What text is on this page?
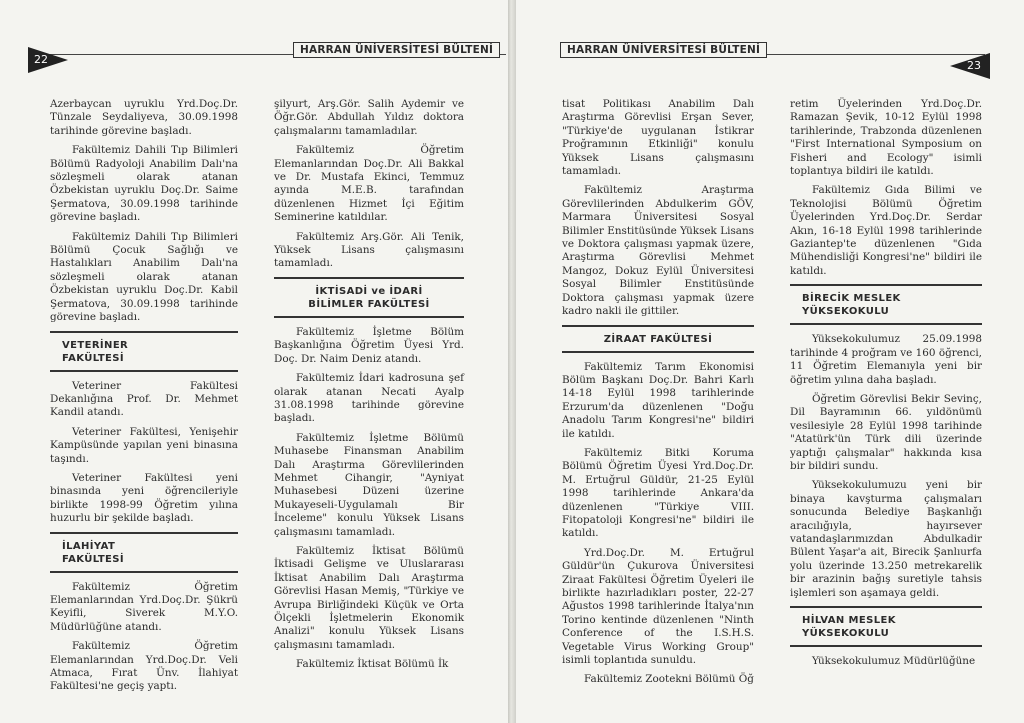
HARRAN ÜNİVERSİTESİ BÜLTENİ
22

Azerbaycan uyruklu Yrd.Doç.Dr. Tünzale Seydaliyeva, 30.09.1998 tarihinde görevine başladı.

Fakültemiz Dahili Tıp Bilimleri Bölümü Radyoloji Anabilim Dalı'na sözleşmeli olarak atanan Özbekistan uyruklu Doç.Dr. Saime Şermatova, 30.09.1998 tarihinde görevine başladı.

Fakültemiz Dahili Tıp Bilimleri Bölümü Çocuk Sağlığı ve Hastalıkları Anabilim Dalı'na sözleşmeli olarak atanan Özbekistan uyruklu Doç.Dr. Kabil Şermatova, 30.09.1998 tarihinde görevine başladı.

VETERİNER
FAKÜLTESİ

Veteriner Fakültesi Dekanlığına Prof. Dr. Mehmet Kandil atandı.

Veteriner Fakültesi, Yenişehir Kampüsünde yapılan yeni binasına taşındı.

Veteriner Fakültesi yeni binasında yeni öğrencileriyle birlikte 1998-99 Öğretim yılına huzurlu bir şekilde başladı.

İLAHİYAT
FAKÜLTESİ

Fakültemiz Öğretim Elemanlarından Yrd.Doç.Dr. Şükrü Keyifli, Siverek M.Y.O. Müdürlüğüne atandı.

Fakültemiz Öğretim Elemanlarından Yrd.Doç.Dr. Veli Atmaca, Fırat Ünv. İlahiyat Fakültesi'ne geçiş yaptı.

şilyurt, Arş.Gör. Salih Aydemir ve Öğr.Gör. Abdullah Yıldız doktora çalışmalarını tamamladılar.

Fakültemiz Öğretim Elemanlarından Doç.Dr. Ali Bakkal ve Dr. Mustafa Ekinci, Temmuz ayında M.E.B. tarafından düzenlenen Hizmet İçi Eğitim Seminerine katıldılar.

Fakültemiz Arş.Gör. Ali Tenik, Yüksek Lisans çalışmasını tamamladı.

İKTİSADİ ve İDARİ
BİLİMLER FAKÜLTESİ

Fakültemiz İşletme Bölüm Başkanlığına Öğretim Üyesi Yrd. Doç. Dr. Naim Deniz atandı.

Fakültemiz İdari kadrosuna şef olarak atanan Necati Ayalp 31.08.1998 tarihinde görevine başladı.

Fakültemiz İşletme Bölümü Muhasebe Finansman Anabilim Dalı Araştırma Görevlilerinden Mehmet Cihangir, "Ayniyat Muhasebesi Düzeni üzerine Mukayeseli-Uygulamalı Bir İnceleme" konulu Yüksek Lisans çalışmasını tamamladı.

Fakültemiz İktisat Bölümü İktisadi Gelişme ve Uluslararası İktisat Anabilim Dalı Araştırma Görevlisi Hasan Memiş, "Türkiye ve Avrupa Birliğindeki Küçük ve Orta Ölçekli İşletmelerin Ekonomik Analizi" konulu Yüksek Lisans çalışmasını tamamladı.

Fakültemiz İktisat Bölümü İk

HARRAN ÜNİVERSİTESİ BÜLTENİ
23

tisat Politikası Anabilim Dalı Araştırma Görevlisi Erşan Sever, "Türkiye'de uygulanan İstikrar Proğramının Etkinliği" konulu Yüksek Lisans çalışmasını tamamladı.

Fakültemiz Araştırma Görevlilerinden Abdulkerim GÖV, Marmara Üniversitesi Sosyal Bilimler Enstitüsünde Yüksek Lisans ve Doktora çalışması yapmak üzere, Araştırma Görevlisi Mehmet Mangoz, Dokuz Eylül Üniversitesi Sosyal Bilimler Enstitüsünde Doktora çalışması yapmak üzere kadro nakli ile gittiler.

ZİRAAT FAKÜLTESİ

Fakültemiz Tarım Ekonomisi Bölüm Başkanı Doç.Dr. Bahri Karlı 14-18 Eylül 1998 tarihlerinde Erzurum'da düzenlenen "Doğu Anadolu Tarım Kongresi'ne" bildiri ile katıldı.

Fakültemiz Bitki Koruma Bölümü Öğretim Üyesi Yrd.Doç.Dr. M. Ertuğrul Güldür, 21-25 Eylül 1998 tarihlerinde Ankara'da düzenlenen "Türkiye VIII. Fitopatoloji Kongresi'ne" bildiri ile katıldı.

Yrd.Doç.Dr. M. Ertuğrul Güldür'ün Çukurova Üniversitesi Ziraat Fakültesi Öğretim Üyeleri ile birlikte hazırladıkları poster, 22-27 Ağustos 1998 tarihlerinde İtalya'nın Torino kentinde düzenlenen "Ninth Conference of the I.S.H.S. Vegetable Virus Working Group" isimli toplantıda sunuldu.

Fakültemiz Zootekni Bölümü Öğ

retim Üyelerinden Yrd.Doç.Dr. Ramazan Şevik, 10-12 Eylül 1998 tarihlerinde, Trabzonda düzenlenen "First International Symposium on Fisheri and Ecology" isimli toplantıya bildiri ile katıldı.

Fakültemiz Gıda Bilimi ve Teknolojisi Bölümü Öğretim Üyelerinden Yrd.Doç.Dr. Serdar Akın, 16-18 Eylül 1998 tarihlerinde Gaziantep'te düzenlenen "Gıda Mühendisliği Kongresi'ne" bildiri ile katıldı.

BİRECİK MESLEK
YÜKSEKOKULU

Yüksekokulumuz 25.09.1998 tarihinde 4 proğram ve 160 öğrenci, 11 Öğretim Elemanıyla yeni bir öğretim yılına daha başladı.

Öğretim Görevlisi Bekir Sevinç, Dil Bayramının 66. yıldönümü vesilesiyle 28 Eylül 1998 tarihinde "Atatürk'ün Türk dili üzerinde yaptığı çalışmalar" hakkında kısa bir bildiri sundu.

Yüksekokulumuzu yeni bir binaya kavşturma çalışmaları sonucunda Belediye Başkanlığı aracılığıyla, hayırsever vatandaşlarımızdan Abdulkadir Bülent Yaşar'a ait, Birecik Şanlıurfa yolu üzerinde 13.250 metrekarelik bir arazinin bağış suretiyle tahsis işlemleri son aşamaya geldi.

HİLVAN MESLEK
YÜKSEKOKULU

Yüksekokulumuz Müdürlüğüne
